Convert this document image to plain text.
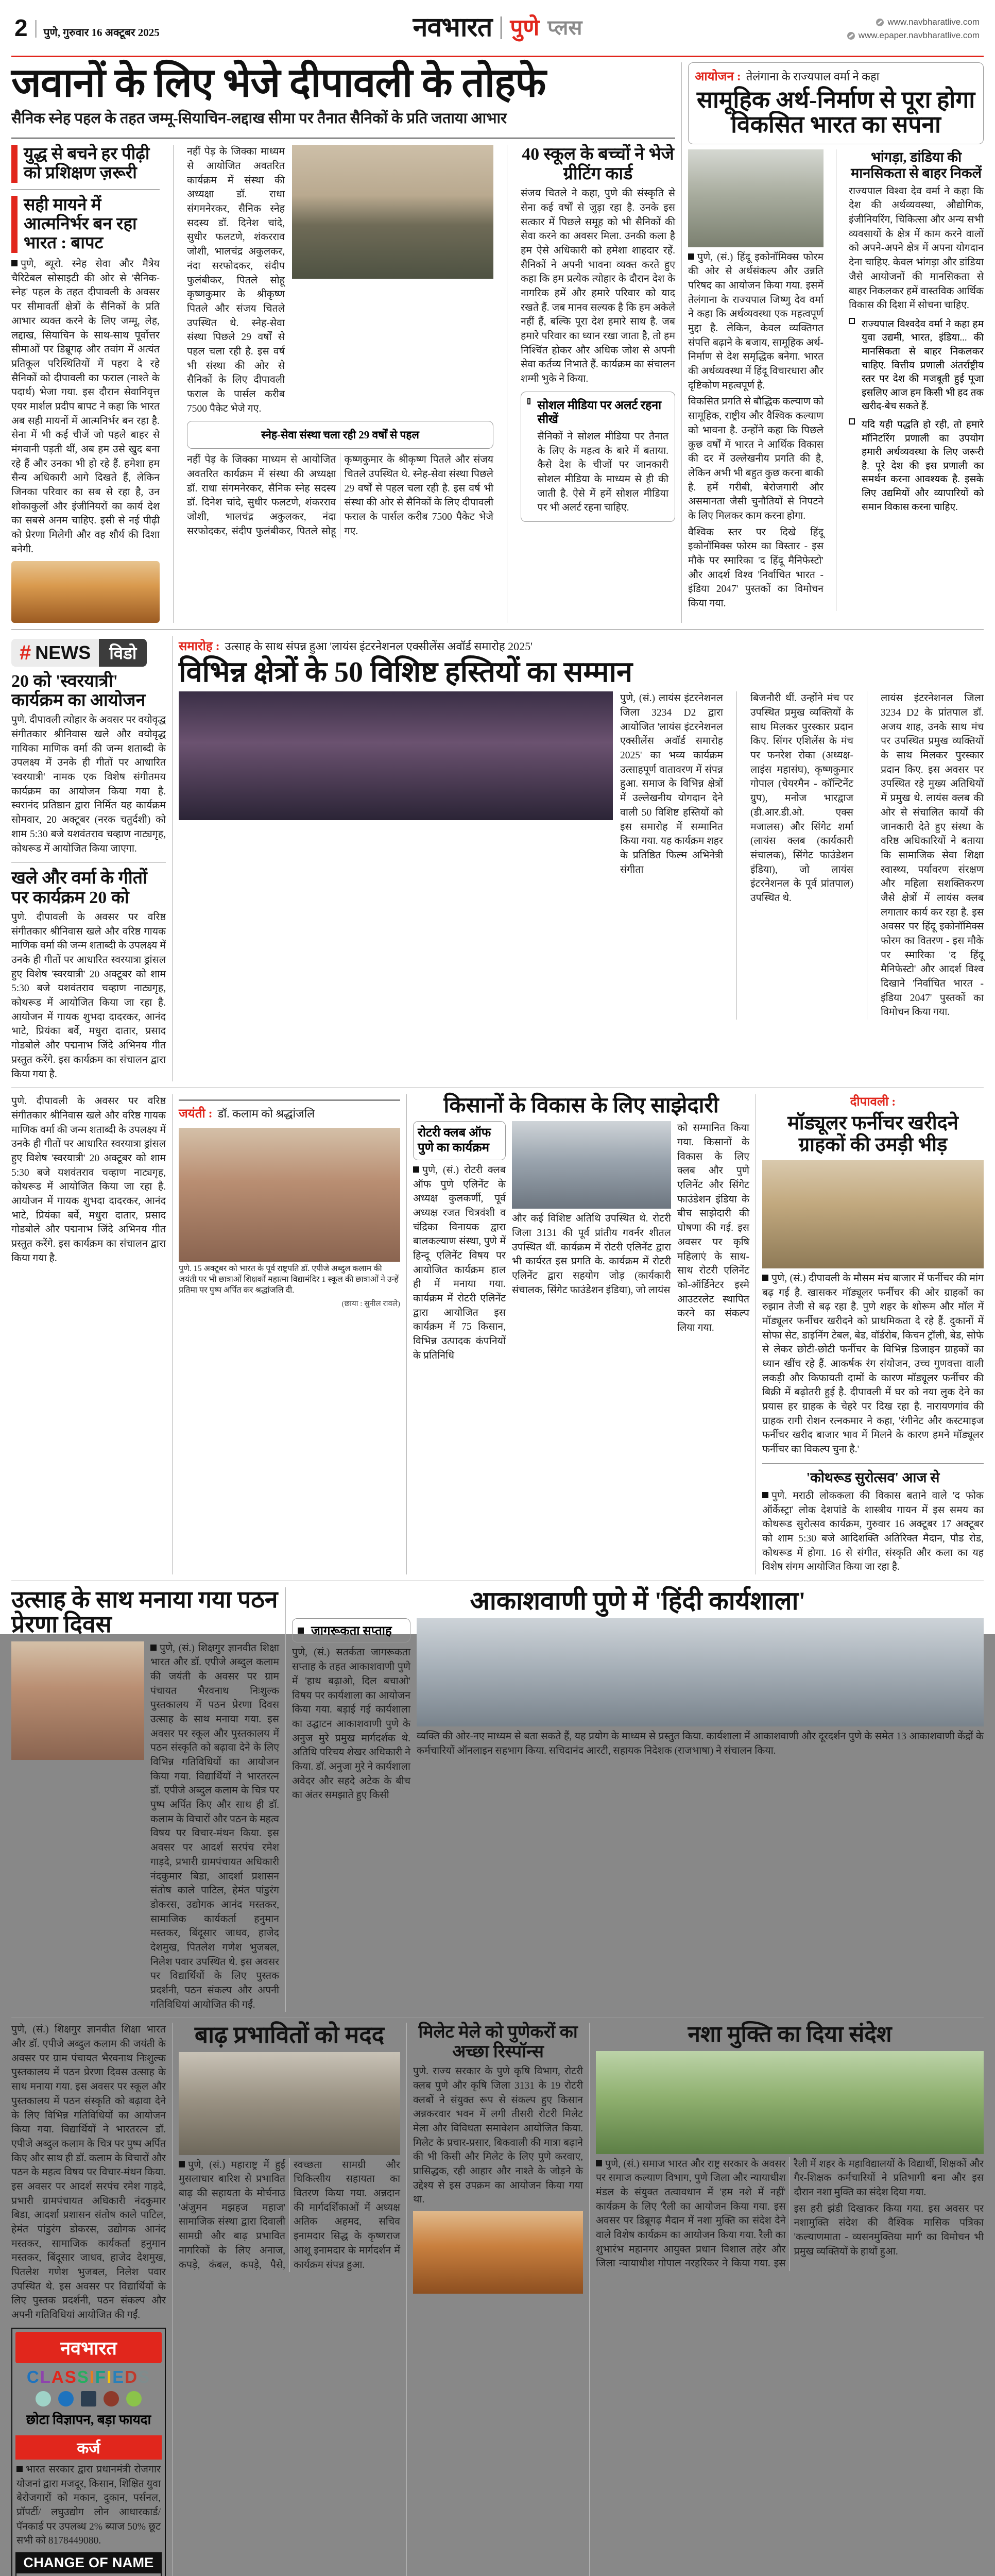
2 पुणे, गुरुवार 16 अक्टूबर 2025	नवभारत पुणे प्लस	www.navbharatlive.com
www.epaper.navbharatlive.com
जवानों के लिए भेजे दीपावली के तोहफे
सैनिक स्नेह पहल के तहत जम्मू-सियाचिन-लद्दाख सीमा पर तैनात सैनिकों के प्रति जताया आभार
युद्ध से बचने हर पीढ़ी को प्रशिक्षण ज़रूरी
सही मायने में आत्मनिर्भर बन रहा भारत : बापट

पुणे, ब्यूरो. स्नेह सेवा और मैत्रेय चैरिटेबल सोसाइटी की ओर से 'सैनिक-स्नेह' पहल के तहत दीपावली के अवसर पर सीमावर्ती क्षेत्रों के सैनिकों के प्रति आभार व्यक्त करने के लिए जम्मू, लेह, लद्दाख, सियाचिन के साथ-साथ पूर्वोत्तर सीमाओं पर डिब्रूगढ़ और तवांग में अत्यंत प्रतिकूल परिस्थितियों में पहरा दे रहे सैनिकों को दीपावली का फराल (नाश्ते के पदार्थ) भेजा गया. इस दौरान सेवानिवृत्त एयर मार्शल प्रदीप बापट ने कहा कि भारत अब सही मायनों में आत्मनिर्भर बन रहा है. सेना में भी कई चीजें जो पहले बाहर से मंगवानी पड़ती थीं, अब हम उसे खुद बना रहे हैं और उनका भी हो रहे हैं. हमेशा हम सैन्य अधिकारी आगे दिखते हैं, लेकिन जिनका परिवार का सब से रहा है, उन शोकाकुलों और इंजीनियरों का कार्य देश का सबसे अनम चाहिए. इसी से नई पीढ़ी को प्रेरणा मिलेगी और वह शौर्य की दिशा बनेगी.

नहीं पेड़ के जिक्का माध्यम से आयोजित अवतरित कार्यक्रम में संस्था की अध्यक्षा डॉ. राधा संगमनेरकर, सैनिक स्नेह सदस्य डॉ. दिनेश चांदे, सुधीर फलटणे, शंकरराव जोशी, भालचंद्र अकुलकर, नंदा सरफोदकर, संदीप फुलंबीकर, पितले सोहू कृष्णकुमार के श्रीकृष्ण पितले और संजय चितले उपस्थित थे. स्नेह-सेवा संस्था पिछले 29 वर्षों से पहल चला रही है. इस वर्ष भी संस्था की ओर से सैनिकों के लिए दीपावली फराल के पार्सल करीब 7500 पैकेट भेजे गए.

स्नेह-सेवा संस्था चला रही 29 वर्षों से पहल

नहीं पेड़ के जिक्का माध्यम से आयोजित अवतरित कार्यक्रम में संस्था की अध्यक्षा डॉ. राधा संगमनेरकर, सैनिक स्नेह सदस्य डॉ. दिनेश चांदे, सुधीर फलटणे, शंकरराव जोशी, भालचंद्र अकुलकर, नंदा सरफोदकर, संदीप फुलंबीकर, पितले सोहू कृष्णकुमार के श्रीकृष्ण पितले और संजय चितले उपस्थित थे. स्नेह-सेवा संस्था पिछले 29 वर्षों से पहल चला रही है. इस वर्ष भी संस्था की ओर से सैनिकों के लिए दीपावली फराल के पार्सल करीब 7500 पैकेट भेजे गए.

40 स्कूल के बच्चों ने भेजे ग्रीटिंग कार्ड

संजय चितले ने कहा, पुणे की संस्कृति से सेना कई वर्षों से जुड़ा रहा है. उनके इस सत्कार में पिछले समूह को भी सैनिकों की सेवा करने का अवसर मिला. उनकी कला है हम ऐसे अधिकारी को हमेशा शाहदार रहें. सैनिकों ने अपनी भावना व्यक्त करते हुए कहा कि हम प्रत्येक त्योहार के दौरान देश के नागरिक हमें और हमारे परिवार को याद रखते हैं. जब मानव सल्यक है कि हम अकेले नहीं हैं, बल्कि पूरा देश हमारे साथ है. जब हमारे परिवार का ध्यान रखा जाता है, तो हम निश्चिंत होकर और अधिक जोश से अपनी सेवा कर्तव्य निभाते हैं. कार्यक्रम का संचालन शम्मी भुके ने किया.

सोशल मीडिया पर अलर्ट रहना सीखें

सैनिकों ने सोशल मीडिया पर तैनात के लिए के महत्व के बारे में बताया. कैसे देश के चीजों पर जानकारी सोशल मीडिया के माध्यम से ही की जाती है. ऐसे में हमें सोशल मीडिया पर भी अलर्ट रहना चाहिए.

आयोजन : तेलंगाना के राज्यपाल वर्मा ने कहा
सामूहिक अर्थ-निर्माण से पूरा होगा विकसित भारत का सपना

पुणे, (सं.) हिंदू इकोनॉमिक्स फोरम की ओर से अर्थसंकल्प और उन्नति परिषद का आयोजन किया गया. इसमें तेलंगाना के राज्यपाल जिष्णु देव वर्मा ने कहा कि अर्थव्यवस्था एक महत्वपूर्ण मुद्दा है. लेकिन, केवल व्यक्तिगत संपत्ति बढ़ाने के बजाय, सामूहिक अर्थ-निर्माण से देश समृद्धिक बनेगा. भारत की अर्थव्यवस्था में हिंदू विचारधारा और दृष्टिकोण महत्वपूर्ण है.

विकसित प्रगति से बौद्धिक कल्याण को सामूहिक, राष्ट्रीय और वैश्विक कल्याण को भावना है. उन्होंने कहा कि पिछले कुछ वर्षों में भारत ने आर्थिक विकास की दर में उल्लेखनीय प्रगति की है, लेकिन अभी भी बहुत कुछ करना बाकी है. हमें गरीबी, बेरोजगारी और असमानता जैसी चुनौतियों से निपटने के लिए मिलकर काम करना होगा.

वैश्विक स्तर पर दिखे हिंदू इकोनॉमिक्स फोरम का विस्तार - इस मौके पर स्मारिका 'द हिंदू मैनिफेस्टो' और आदर्श विश्व 'निर्वाचित भारत - इंडिया 2047' पुस्तकों का विमोचन किया गया.

भांगड़ा, डांडिया की मानसिकता से बाहर निकलें

राज्यपाल विश्वा देव वर्मा ने कहा कि देश की अर्थव्यवस्था, औद्योगिक, इंजीनियरिंग, चिकित्सा और अन्य सभी व्यवसायों के क्षेत्र में काम करने वालों को अपने-अपने क्षेत्र में अपना योगदान देना चाहिए. केवल भांगड़ा और डांडिया जैसे आयोजनों की मानसिकता से बाहर निकलकर हमें वास्तविक आर्थिक विकास की दिशा में सोचना चाहिए.

राज्यपाल विश्वदेव वर्मा ने कहा हम युवा उद्यमी, भारत, इंडिया... की मानसिकता से बाहर निकलकर चाहिए. वित्तीय प्रणाली अंतर्राष्ट्रीय स्तर पर देश की मजबूती हुई पूजा इसलिए आज हम किसी भी हद तक खरीद-बेच सकते हैं.
यदि यही पद्धति हो रही, तो हमारे मॉनिटरिंग प्रणाली का उपयोग हमारी अर्थव्यवस्था के लिए जरूरी है. पूरे देश की इस प्रणाली का समर्थन करना आवश्यक है. इसके लिए उद्यमियों और व्यापारियों को समान विकास करना चाहिए.
# NEWS	विडो
20 को 'स्वरयात्री' कार्यक्रम का आयोजन

पुणे. दीपावली त्योहार के अवसर पर वयोवृद्ध संगीतकार श्रीनिवास खले और वयोवृद्ध गायिका माणिक वर्मा की जन्म शताब्दी के उपलक्ष्य में उनके ही गीतों पर आधारित 'स्वरयात्री' नामक एक विशेष संगीतमय कार्यक्रम का आयोजन किया गया है. स्वरानंद प्रतिष्ठान द्वारा निर्मित यह कार्यक्रम सोमवार, 20 अक्टूबर (नरक चतुर्दशी) को शाम 5:30 बजे यशवंतराव चव्हाण नाट्यगृह, कोथरूड में आयोजित किया जाएगा.

खले और वर्मा के गीतों पर कार्यक्रम 20 को

पुणे. दीपावली के अवसर पर वरिष्ठ संगीतकार श्रीनिवास खले और वरिष्ठ गायक माणिक वर्मा की जन्म शताब्दी के उपलक्ष्य में उनके ही गीतों पर आधारित स्वरयात्रा ड्रांसल हुए विशेष 'स्वरयात्री' 20 अक्टूबर को शाम 5:30 बजे यशवंतराव चव्हाण नाट्यगृह, कोथरूड में आयोजित किया जा रहा है. आयोजन में गायक शुभदा दादरकर, आनंद भाटे, प्रियंका बर्वे, मधुरा दातार, प्रसाद गोडबोले और पद्मनाभ जिंदे अभिनय गीत प्रस्तुत करेंगे. इस कार्यक्रम का संचालन द्वारा किया गया है.

समारोह : उत्साह के साथ संपन्न हुआ 'लायंस इंटरनेशनल एक्सीलेंस अवॉर्ड समारोह 2025'
विभिन्न क्षेत्रों के 50 विशिष्ट हस्तियों का सम्मान

पुणे, (सं.) लायंस इंटरनेशनल जिला 3234 D2 द्वारा आयोजित 'लायंस इंटरनेशनल एक्सीलेंस अवॉर्ड समारोह 2025' का भव्य कार्यक्रम उत्साहपूर्ण वातावरण में संपन्न हुआ. समाज के विभिन्न क्षेत्रों में उल्लेखनीय योगदान देने वाली 50 विशिष्ट हस्तियों को इस समारोह में सम्मानित किया गया. यह कार्यक्रम शहर के प्रतिष्ठित फिल्म अभिनेत्री संगीता

बिजनौरी थीं. उन्होंने मंच पर उपस्थित प्रमुख व्यक्तियों के साथ मिलकर पुरस्कार प्रदान किए. सिंगर एशिलेंस के मंच पर फनरेश रोका (अध्यक्ष-लाइंस महासंघ), कृष्णकुमार गोपाल (चेयरमैन - कॉन्टिनेंट ग्रुप), मनोज भारद्वाज (डी.आर.डी.ओ. एक्स मजालस) और सिंगेट शर्मा (लायंस क्लब (कार्यकारी संचालक), सिंगेट फाउंडेशन इंडिया), जो लायंस इंटरनेशनल के पूर्व प्रांतपाल) उपस्थित थे.

लायंस इंटरनेशनल जिला 3234 D2 के प्रांतपाल डॉ. अजय शाह, उनके साथ मंच पर उपस्थित प्रमुख व्यक्तियों के साथ मिलकर पुरस्कार प्रदान किए. इस अवसर पर उपस्थित रहे मुख्य अतिथियों में प्रमुख थे. लायंस क्लब की ओर से संचालित कार्यों की जानकारी देते हुए संस्था के वरिष्ठ अधिकारियों ने बताया कि सामाजिक सेवा शिक्षा स्वास्थ्य, पर्यावरण संरक्षण और महिला सशक्तिकरण जैसे क्षेत्रों में लायंस क्लब लगातार कार्य कर रहा है. इस अवसर पर हिंदू इकोनॉमिक्स फोरम का वितरण - इस मौके पर स्मारिका 'द हिंदू मैनिफेस्टो' और आदर्श विश्व दिखाने 'निर्वाचित भारत - इंडिया 2047' पुस्तकों का विमोचन किया गया.

पुणे. दीपावली के अवसर पर वरिष्ठ संगीतकार श्रीनिवास खले और वरिष्ठ गायक माणिक वर्मा की जन्म शताब्दी के उपलक्ष्य में उनके ही गीतों पर आधारित स्वरयात्रा ड्रांसल हुए विशेष 'स्वरयात्री' 20 अक्टूबर को शाम 5:30 बजे यशवंतराव चव्हाण नाट्यगृह, कोथरूड में आयोजित किया जा रहा है. आयोजन में गायक शुभदा दादरकर, आनंद भाटे, प्रियंका बर्वे, मधुरा दातार, प्रसाद गोडबोले और पद्मनाभ जिंदे अभिनय गीत प्रस्तुत करेंगे. इस कार्यक्रम का संचालन द्वारा किया गया है.

जयंती : डॉ. कलाम को श्रद्धांजलि
पुणे. 15 अक्टूबर को भारत के पूर्व राष्ट्रपति डॉ. एपीजे अब्दुल कलाम की जयंती पर भी छात्राओं शिक्षकों महात्मा विद्यामंदिर 1 स्कूल की छात्राओं ने उन्हें प्रतिमा पर पुष्प अर्पित कर श्रद्धांजलि दी.
(छाया : सुनील रावले)
किसानों के विकास के लिए साझेदारी
रोटरी क्लब ऑफ पुणे का कार्यक्रम

पुणे, (सं.) रोटरी क्लब ऑफ पुणे एलिनेंट के अध्यक्ष कुलकर्णी, पूर्व अध्यक्ष रजत चित्रवंशी व चंद्रिका विनायक द्वारा बालकल्याण संस्था, पुणे में हिन्दू एलिनेंट विषय पर आयोजित कार्यक्रम हाल ही में मनाया गया. कार्यक्रम में रोटरी एलिनेंट द्वारा आयोजित इस कार्यक्रम में 75 किसान, विभिन्न उत्पादक कंपनियों के प्रतिनिधि

और कई विशिष्ट अतिथि उपस्थित थे. रोटरी जिला 3131 की पूर्व प्रांतीय गवर्नर शीतल उपस्थित थीं. कार्यक्रम में रोटरी एलिनेंट द्वारा भी कार्यरत इस प्रगति के. कार्यक्रम में रोटरी एलिनेंट द्वारा सहयोग जोड़ (कार्यकारी संचालक, सिंगेट फाउंडेशन इंडिया), जो लायंस

को सम्मानित किया गया. किसानों के विकास के लिए क्लब और पुणे एलिनेंट और सिंगेट फाउंडेशन इंडिया के बीच साझेदारी की घोषणा की गई. इस अवसर पर कृषि महिलाएं के साथ-साथ रोटरी एलिनेंट को-ऑर्डिनेटर इस्मे आउटरलेट स्थापित करने का संकल्प लिया गया.

दीपावली :
मॉड्यूलर फर्नीचर खरीदने ग्राहकों की उमड़ी भीड़

पुणे, (सं.) दीपावली के मौसम मंच बाजार में फर्नीचर की मांग बढ़ गई है. खासकर मॉड्यूलर फर्नीचर की ओर ग्राहकों का रुझान तेजी से बढ़ रहा है. पुणे शहर के शोरूम और मॉल में मॉड्यूलर फर्नीचर खरीदने को प्राथमिकता दे रहे हैं. दुकानों में सोफा सेट, डाइनिंग टेबल, बेड, वॉर्डरोब, किचन ट्रॉली, बेड, सोफे से लेकर छोटी-छोटी फर्नीचर के विभिन्न डिजाइन ग्राहकों का ध्यान खींच रहे हैं. आकर्षक रंग संयोजन, उच्च गुणवत्ता वाली लकड़ी और किफायती दामों के कारण मॉड्यूलर फर्नीचर की बिक्री में बढ़ोतरी हुई है. दीपावली में घर को नया लुक देने का प्रयास हर ग्राहक के चेहरे पर दिख रहा है. नारायणगांव की ग्राहक रागी रोशन रत्नकमार ने कहा, 'रंगीनेट और कस्टमाइज फर्नीचर खरीद बाजार भाव में मिलने के कारण हमने मॉड्यूलर फर्नीचर का विकल्प चुना है.'

'कोथरूड सुरोत्सव' आज से

पुणे. मराठी लोककला की विकास बताने वाले 'द फोक ऑर्केस्ट्रा' लोक देशपांडे के शास्त्रीय गायन में इस समय का कोथरूड सुरोत्सव कार्यक्रम, गुरुवार 16 अक्टूबर 17 अक्टूबर को शाम 5:30 बजे आदिशक्ति अतिरिक्त मैदान, पौड रोड, कोथरूड में होगा. 16 से संगीत, संस्कृति और कला का यह विशेष संगम आयोजित किया जा रहा है.

उत्साह के साथ मनाया गया पठन प्रेरणा दिवस

पुणे, (सं.) शिक्षगुर ज्ञानवीत शिक्षा भारत और डॉ. एपीजे अब्दुल कलाम की जयंती के अवसर पर ग्राम पंचायत भैरवनाथ निःशुल्क पुस्तकालय में पठन प्रेरणा दिवस उत्साह के साथ मनाया गया. इस अवसर पर स्कूल और पुस्तकालय में पठन संस्कृति को बढ़ावा देने के लिए विभिन्न गतिविधियों का आयोजन किया गया. विद्यार्थियों ने भारतरत्न डॉ. एपीजे अब्दुल कलाम के चित्र पर पुष्प अर्पित किए और साथ ही डॉ. कलाम के विचारों और पठन के महत्व विषय पर विचार-मंथन किया. इस अवसर पर आदर्श सरपंच रमेश गाड़दे, प्रभारी ग्रामपंचायत अधिकारी नंदकुमार बिडा, आदर्शा प्रशासन संतोष काले पाटिल, हेमंत पांडुरंग डोकरस, उद्योगक आनंद मस्तकर, सामाजिक कार्यकर्ता हनुमान मस्तकर, बिंदूसार जाधव, हाजेद देशमुख, पितलेश गणेश भुजबल, निलेश पवार उपस्थित थे. इस अवसर पर विद्यार्थियों के लिए पुस्तक प्रदर्शनी, पठन संकल्प और अपनी गतिविधियां आयोजित की गईं.

आकाशवाणी पुणे में 'हिंदी कार्यशाला'
जागरूकता सप्ताह

पुणे, (सं.) सतर्कता जागरूकता सप्ताह के तहत आकाशवाणी पुणे में 'हाथ बढ़ाओ, दिल बचाओ' विषय पर कार्यशाला का आयोजन किया गया. बड़ाई गई कार्यशाला का उद्घाटन आकाशवाणी पुणे के अनुज मुरे प्रमुख मार्गदर्शक थे. अतिथि परिचय शेखर अधिकारी ने किया. डॉ. अनुजा मुरे ने कार्यशाला अवेदर और सहदे अटेक के बीच का अंतर समझाते हुए किसी

व्यक्ति की ओर-नए माध्यम से बता सकते हैं, यह प्रयोग के माध्यम से प्रस्तुत किया. कार्यशाला में आकाशवाणी और दूरदर्शन पुणे के समेत 13 आकाशवाणी केंद्रों के कर्मचारियों ऑनलाइन सहभाग किया. सचिदानंद आरटी, सहायक निदेशक (राजभाषा) ने संचालन किया.

पुणे, (सं.) शिक्षगुर ज्ञानवीत शिक्षा भारत और डॉ. एपीजे अब्दुल कलाम की जयंती के अवसर पर ग्राम पंचायत भैरवनाथ निःशुल्क पुस्तकालय में पठन प्रेरणा दिवस उत्साह के साथ मनाया गया. इस अवसर पर स्कूल और पुस्तकालय में पठन संस्कृति को बढ़ावा देने के लिए विभिन्न गतिविधियों का आयोजन किया गया. विद्यार्थियों ने भारतरत्न डॉ. एपीजे अब्दुल कलाम के चित्र पर पुष्प अर्पित किए और साथ ही डॉ. कलाम के विचारों और पठन के महत्व विषय पर विचार-मंथन किया. इस अवसर पर आदर्श सरपंच रमेश गाड़दे, प्रभारी ग्रामपंचायत अधिकारी नंदकुमार बिडा, आदर्शा प्रशासन संतोष काले पाटिल, हेमंत पांडुरंग डोकरस, उद्योगक आनंद मस्तकर, सामाजिक कार्यकर्ता हनुमान मस्तकर, बिंदूसार जाधव, हाजेद देशमुख, पितलेश गणेश भुजबल, निलेश पवार उपस्थित थे. इस अवसर पर विद्यार्थियों के लिए पुस्तक प्रदर्शनी, पठन संकल्प और अपनी गतिविधियां आयोजित की गईं.

नवभारत
CLASSIFIEDS
छोटा विज्ञापन, बड़ा फायदा
कर्ज

भारत सरकार द्वारा प्रधानमंत्री रोजगार योजनां द्वारा मजदूर, किसान, शिक्षित युवा बेरोजगारों को मकान, दुकान, पर्सनल, प्रॉपर्टी/ लघुउद्योग लोन आधारकार्ड/ पॅनकार्ड पर उपलब्ध 2% ब्याज 50% छूट सभी को 8178449080.

CHANGE OF NAME
बाढ़ प्रभावितों को मदद

पुणे, (सं.) महाराष्ट्र में हुई मुसलाधार बारिश से प्रभावित बाढ़ की सहायता के मोर्चनाउ 'अंजुमन मझहज महाज' सामाजिक संस्था द्वारा दिवाली सामग्री और बाढ़ प्रभावित नागरिकों के लिए अनाज, कपड़े, कंबल, कपड़े, पैसे, स्वच्छता सामग्री और चिकित्सीय सहायता का वितरण किया गया. अन्नदान की मार्गदर्शिकाओं में अध्यक्ष अतिक अहमद, सचिव इनामदार सिद्ध के कृष्णराज आशू इनामदार के मार्गदर्शन में कार्यक्रम संपन्न हुआ.

मिलेट मेले को पुणेकरों का अच्छा रिस्पॉन्स

पुणे. राज्य सरकार के पुणे कृषि विभाग, रोटरी क्लब पुणे और कृषि जिला 3131 के 19 रोटरी क्लबों ने संयुक्त रूप से संकल्प हुए किसान अन्नकरवार भवन में लगी तीसरी रोटरी मिलेट मेला और विविधता समावेशन आयोजित किया. मिलेट के प्रचार-प्रसार, बिकवाली की मात्रा बढ़ाने की भी किसी और मिलेट के लिए पुणे करवाए, प्रासिद्धक, रही आहार और नाश्ते के जोड़ने के उद्देश्य से इस उपक्रम का आयोजन किया गया था.

नशा मुक्ति का दिया संदेश

पुणे, (सं.) समाज भारत और राष्ट्र सरकार के अवसर पर समाज कल्याण विभाग, पुणे जिला और न्यायाधीश मंडल के संयुक्त तत्वावधान में 'हम नशे में नहीं' कार्यक्रम के लिए 'रैली का आयोजन किया गया. इस अवसर पर डिब्रूगढ़ मैदान में नशा मुक्ति का संदेश देने वाले विशेष कार्यक्रम का आयोजन किया गया. रैली का शुभारंभ महानगर आयुक्त प्रधान विशाल तहेर और जिला न्यायाधीश गोपाल नरहरिकर ने किया गया. इस रैली में शहर के महाविद्यालयों के विद्यार्थी, शिक्षकों और गैर-शिक्षक कर्मचारियों ने प्रतिभागी बना और इस दौरान नशा मुक्ति का संदेश दिया गया.

इस हरी झंडी दिखाकर किया गया. इस अवसर पर नशामुक्ति संदेश की वैश्विक मासिक पत्रिका 'कल्याणमाता - व्यसनमुक्तिया मार्ग' का विमोचन भी प्रमुख व्यक्तियों के हाथों हुआ.
